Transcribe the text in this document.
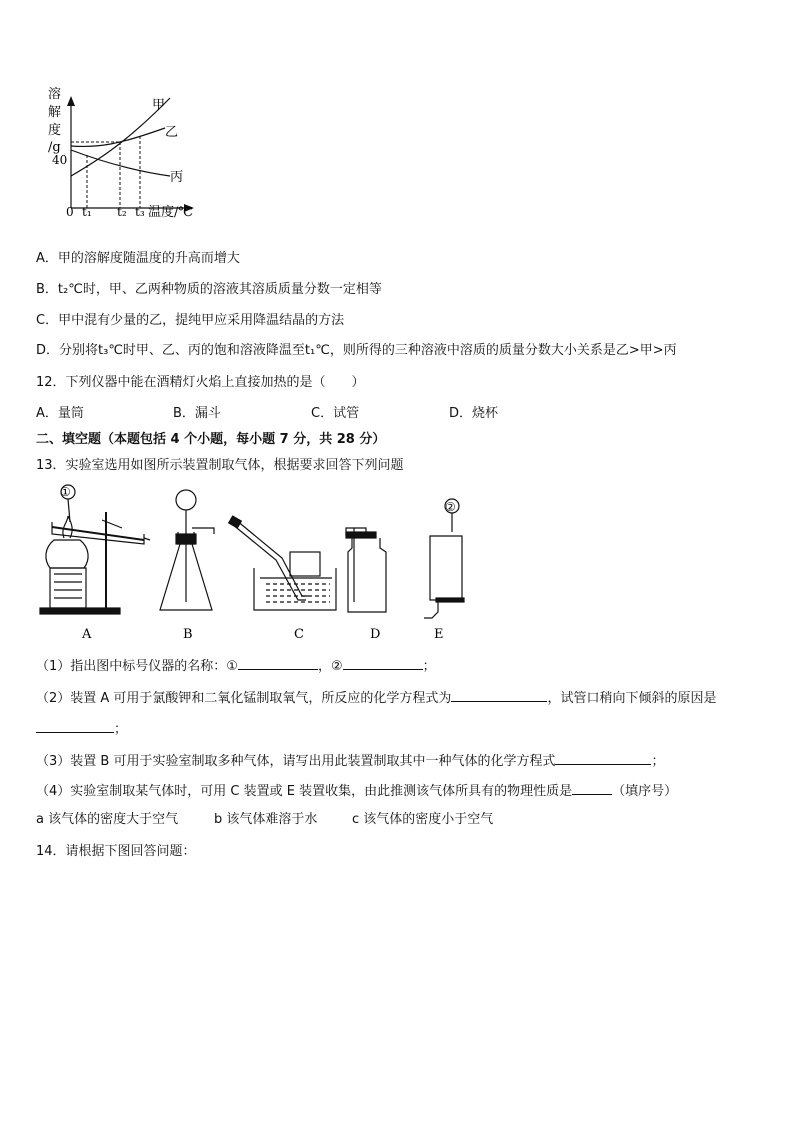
溶
解
度
/g
40
0 t₁ t₂ t₃ 温度/℃
甲
乙
丙
A．甲的溶解度随温度的升高而增大
B．t₂℃时，甲、乙两种物质的溶液其溶质质量分数一定相等
C．甲中混有少量的乙，提纯甲应采用降温结晶的方法
D．分别将t₃℃时甲、乙、丙的饱和溶液降温至t₁℃，则所得的三种溶液中溶质的质量分数大小关系是乙>甲>丙
12．下列仪器中能在酒精灯火焰上直接加热的是（　　）
A．量筒	B．漏斗	C．试管	D．烧杯
二、填空题（本题包括 4 个小题，每小题 7 分，共 28 分）
13．实验室选用如图所示装置制取气体，根据要求回答下列问题
①
②
A	B	C	D	E
（1）指出图中标号仪器的名称：①	，②	；
（2）装置 A 可用于氯酸钾和二氧化锰制取氧气，所反应的化学方程式为	，试管口稍向下倾斜的原因是
；
（3）装置 B 可用于实验室制取多种气体，请写出用此装置制取其中一种气体的化学方程式	；
（4）实验室制取某气体时，可用 C 装置或 E 装置收集，由此推测该气体所具有的物理性质是	（填序号）
a 该气体的密度大于空气	b 该气体难溶于水	c 该气体的密度小于空气
14．请根据下图回答问题：
